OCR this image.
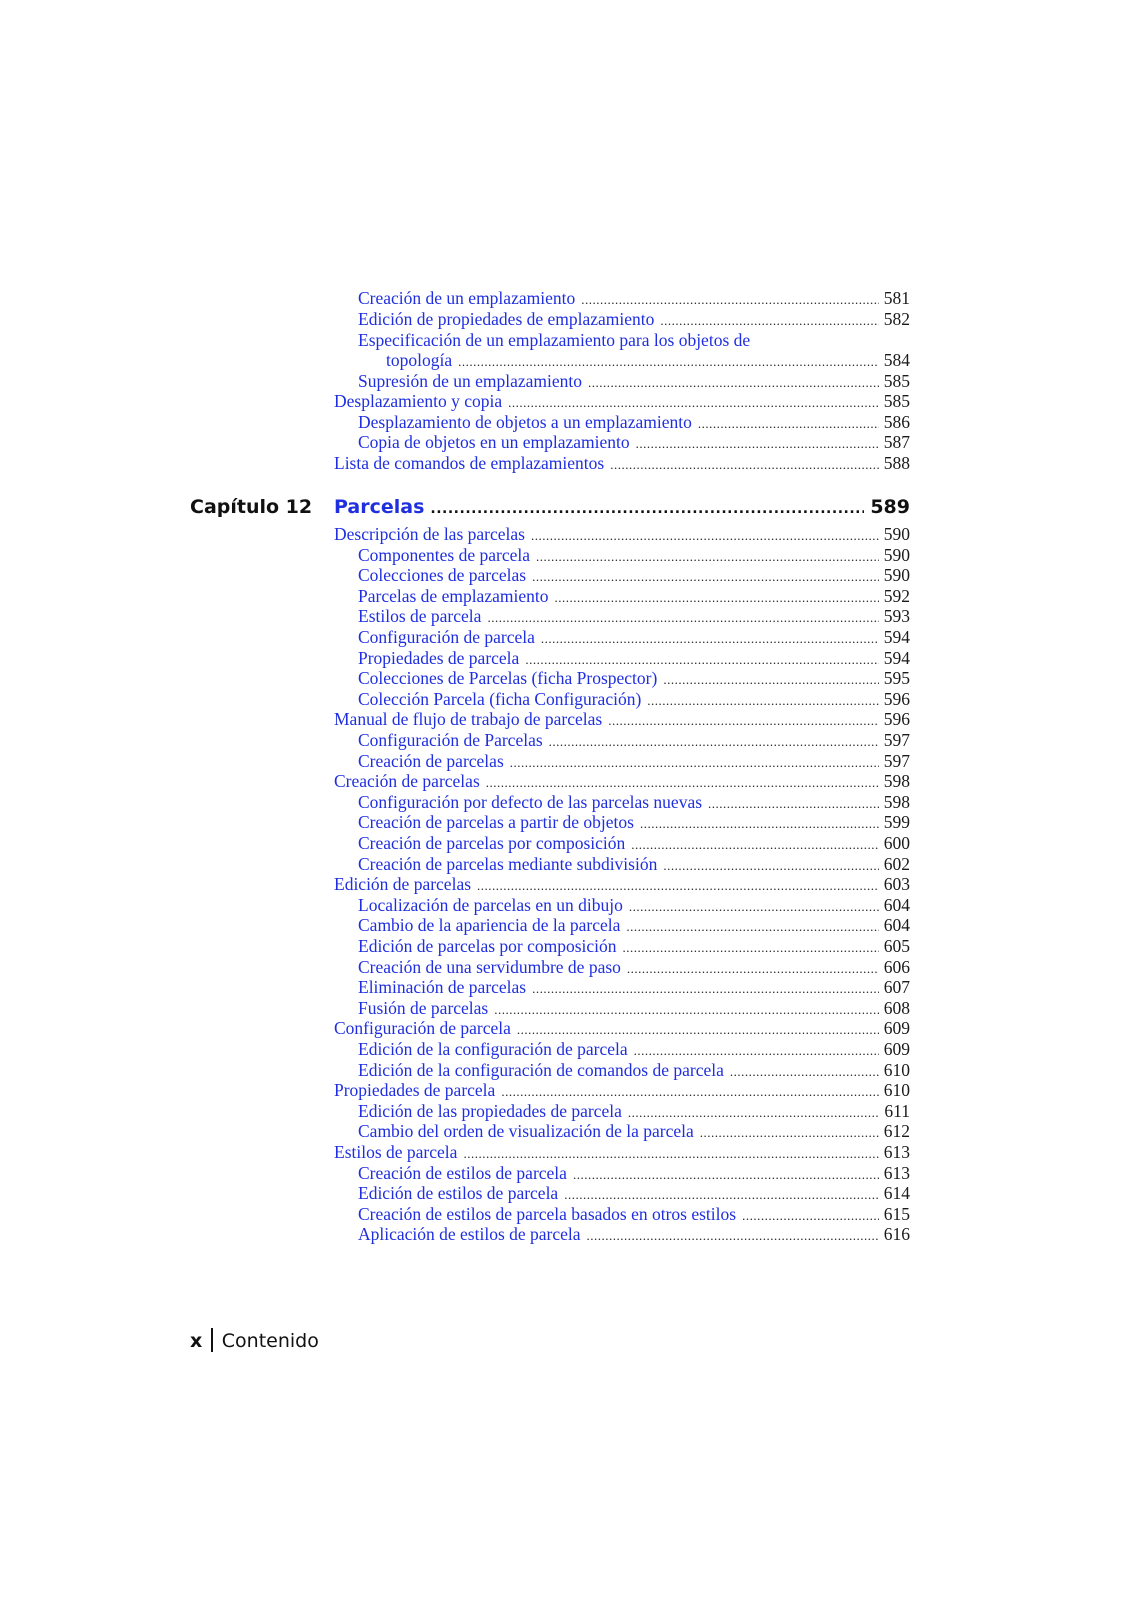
Creación de un emplazamiento .....	581
Edición de propiedades de emplazamiento .....	582
Especificación de un emplazamiento para los objetos de
topología .....	584
Supresión de un emplazamiento .....	585
Desplazamiento y copia .....	585
Desplazamiento de objetos a un emplazamiento .....	586
Copia de objetos en un emplazamiento .....	587
Lista de comandos de emplazamientos .....	588
Capítulo 12 Parcelas .....	589
Descripción de las parcelas .....	590
Componentes de parcela .....	590
Colecciones de parcelas .....	590
Parcelas de emplazamiento .....	592
Estilos de parcela .....	593
Configuración de parcela .....	594
Propiedades de parcela .....	594
Colecciones de Parcelas (ficha Prospector) .....	595
Colección Parcela (ficha Configuración) .....	596
Manual de flujo de trabajo de parcelas .....	596
Configuración de Parcelas .....	597
Creación de parcelas .....	597
Creación de parcelas .....	598
Configuración por defecto de las parcelas nuevas .....	598
Creación de parcelas a partir de objetos .....	599
Creación de parcelas por composición .....	600
Creación de parcelas mediante subdivisión .....	602
Edición de parcelas .....	603
Localización de parcelas en un dibujo .....	604
Cambio de la apariencia de la parcela .....	604
Edición de parcelas por composición .....	605
Creación de una servidumbre de paso .....	606
Eliminación de parcelas .....	607
Fusión de parcelas .....	608
Configuración de parcela .....	609
Edición de la configuración de parcela .....	609
Edición de la configuración de comandos de parcela .....	610
Propiedades de parcela .....	610
Edición de las propiedades de parcela .....	611
Cambio del orden de visualización de la parcela .....	612
Estilos de parcela .....	613
Creación de estilos de parcela .....	613
Edición de estilos de parcela .....	614
Creación de estilos de parcela basados en otros estilos .....	615
Aplicación de estilos de parcela .....	616
x Contenido
